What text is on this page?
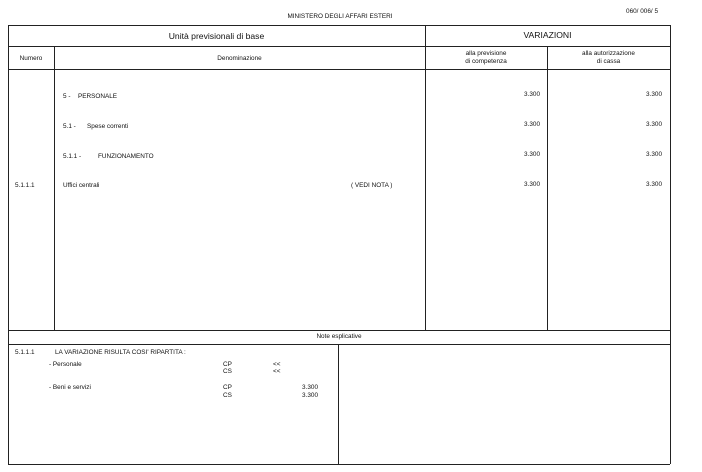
MINISTERO DEGLI AFFARI ESTERI
060/ 006/ 5
Unità previsionali di base	VARIAZIONI
Numero	Denominazione
alla previsione
di competenza
alla autorizzazione
di cassa
5 - PERSONALE	3.300	3.300
5.1 - Spese correnti	3.300	3.300
5.1.1 -	FUNZIONAMENTO	3.300	3.300
5.1.1.1	Uffici centrali	( VEDI NOTA )	3.300	3.300
Note esplicative
5.1.1.1	LA VARIAZIONE RISULTA COSI' RIPARTITA :
- Personale	CP	<<
CS	<<
- Beni e servizi	CP	3.300
CS	3.300
